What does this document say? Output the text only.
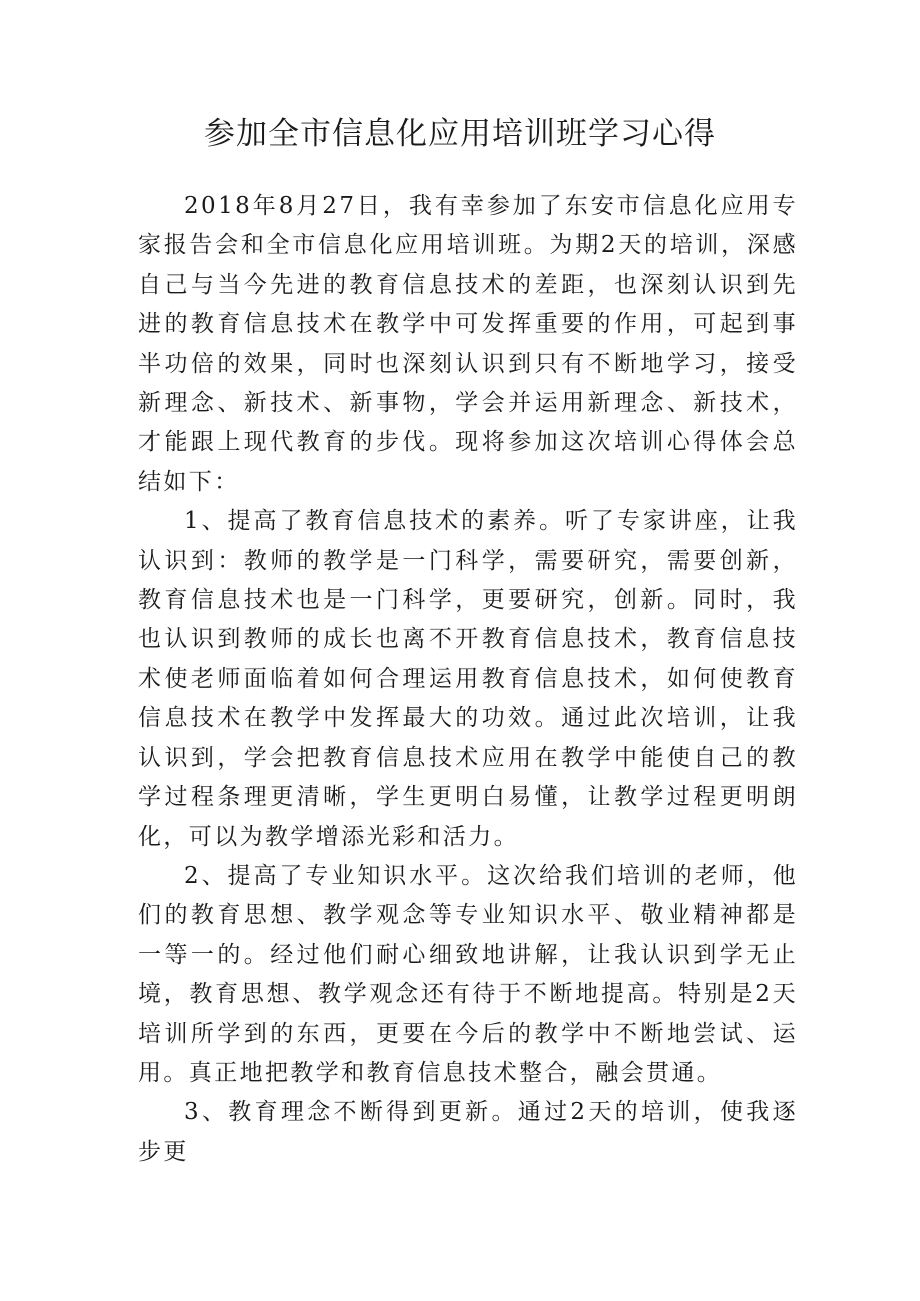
参加全市信息化应用培训班学习心得

2018年8月27日，我有幸参加了东安市信息化应用专家报告会和全市信息化应用培训班。为期2天的培训，深感自己与当今先进的教育信息技术的差距，也深刻认识到先进的教育信息技术在教学中可发挥重要的作用，可起到事半功倍的效果，同时也深刻认识到只有不断地学习，接受新理念、新技术、新事物，学会并运用新理念、新技术，才能跟上现代教育的步伐。现将参加这次培训心得体会总结如下：

1、提高了教育信息技术的素养。听了专家讲座，让我认识到：教师的教学是一门科学，需要研究，需要创新，教育信息技术也是一门科学，更要研究，创新。同时，我也认识到教师的成长也离不开教育信息技术，教育信息技术使老师面临着如何合理运用教育信息技术，如何使教育信息技术在教学中发挥最大的功效。通过此次培训，让我认识到，学会把教育信息技术应用在教学中能使自己的教学过程条理更清晰，学生更明白易懂，让教学过程更明朗化，可以为教学增添光彩和活力。

2、提高了专业知识水平。这次给我们培训的老师，他们的教育思想、教学观念等专业知识水平、敬业精神都是一等一的。经过他们耐心细致地讲解，让我认识到学无止境，教育思想、教学观念还有待于不断地提高。特别是2天培训所学到的东西，更要在今后的教学中不断地尝试、运用。真正地把教学和教育信息技术整合，融会贯通。

3、教育理念不断得到更新。通过2天的培训，使我逐步更
